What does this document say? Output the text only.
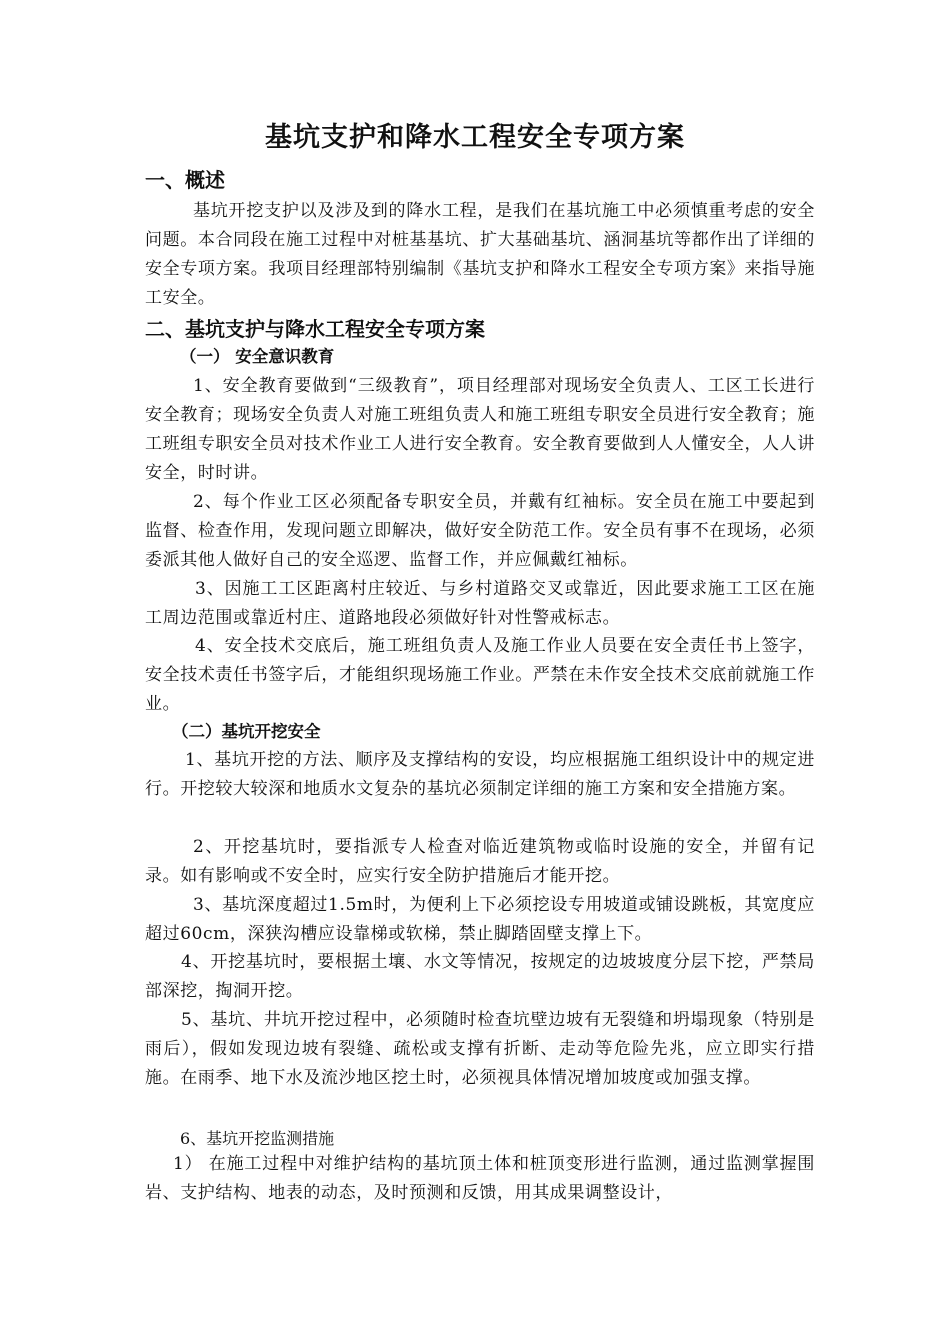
基坑支护和降水工程安全专项方案
一、概述
基坑开挖支护以及涉及到的降水工程，是我们在基坑施工中必须慎重考虑的安全问题。本合同段在施工过程中对桩基基坑、扩大基础基坑、涵洞基坑等都作出了详细的安全专项方案。我项目经理部特别编制《基坑支护和降水工程安全专项方案》来指导施工安全。
二、基坑支护与降水工程安全专项方案
（一） 安全意识教育
1、安全教育要做到“三级教育”，项目经理部对现场安全负责人、工区工长进行安全教育；现场安全负责人对施工班组负责人和施工班组专职安全员进行安全教育；施工班组专职安全员对技术作业工人进行安全教育。安全教育要做到人人懂安全，人人讲安全，时时讲。
2、每个作业工区必须配备专职安全员，并戴有红袖标。安全员在施工中要起到监督、检查作用，发现问题立即解决，做好安全防范工作。安全员有事不在现场，必须委派其他人做好自己的安全巡逻、监督工作，并应佩戴红袖标。
3、因施工工区距离村庄较近、与乡村道路交叉或靠近，因此要求施工工区在施工周边范围或靠近村庄、道路地段必须做好针对性警戒标志。
4、安全技术交底后，施工班组负责人及施工作业人员要在安全责任书上签字，安全技术责任书签字后，才能组织现场施工作业。严禁在未作安全技术交底前就施工作业。
（二）基坑开挖安全
1、基坑开挖的方法、顺序及支撑结构的安设，均应根据施工组织设计中的规定进行。开挖较大较深和地质水文复杂的基坑必须制定详细的施工方案和安全措施方案。
2、开挖基坑时，要指派专人检查对临近建筑物或临时设施的安全，并留有记录。如有影响或不安全时，应实行安全防护措施后才能开挖。
3、基坑深度超过1.5m时，为便利上下必须挖设专用坡道或铺设跳板，其宽度应超过60cm，深狭沟槽应设靠梯或软梯，禁止脚踏固壁支撑上下。
4、开挖基坑时，要根据土壤、水文等情况，按规定的边坡坡度分层下挖，严禁局部深挖，掏洞开挖。
5、基坑、井坑开挖过程中，必须随时检查坑壁边坡有无裂缝和坍塌现象（特别是雨后），假如发现边坡有裂缝、疏松或支撑有折断、走动等危险先兆，应立即实行措施。在雨季、地下水及流沙地区挖土时，必须视具体情况增加坡度或加强支撑。
6、基坑开挖监测措施
1） 在施工过程中对维护结构的基坑顶土体和桩顶变形进行监测，通过监测掌握围岩、支护结构、地表的动态，及时预测和反馈，用其成果调整设计，
